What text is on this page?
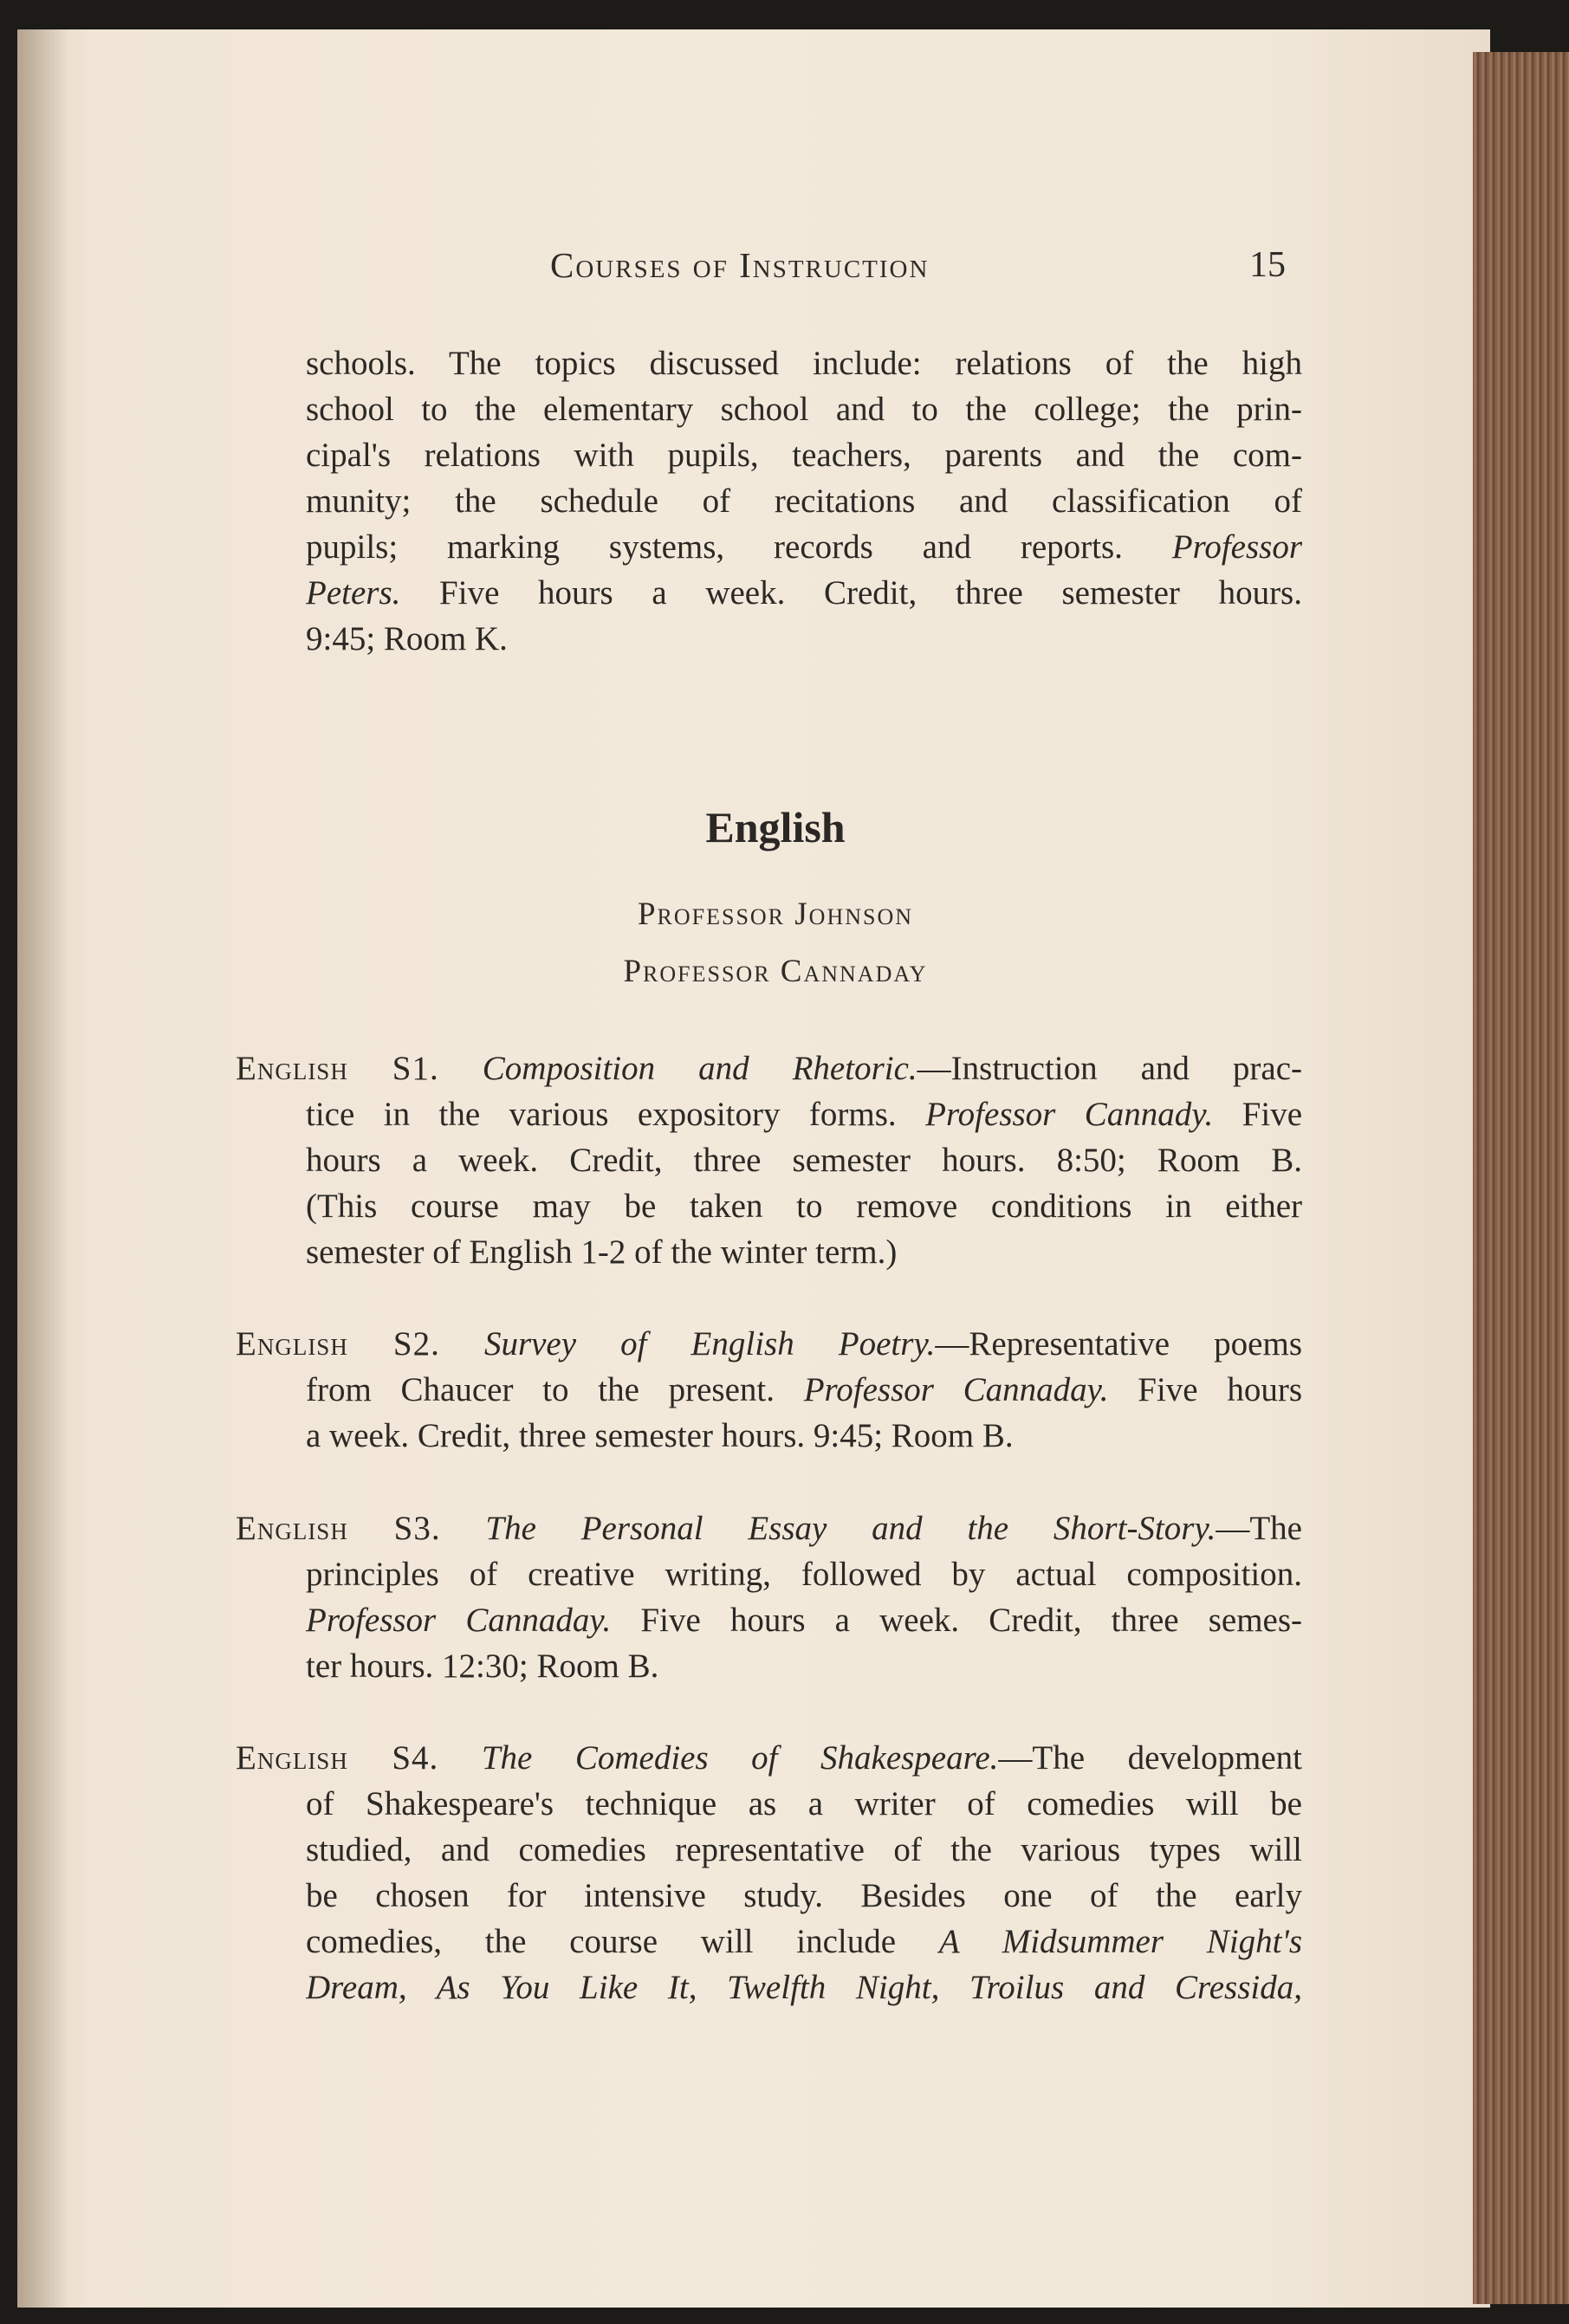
Courses of Instruction	15
schools. The topics discussed include: relations of the high
school to the elementary school and to the college; the prin-
cipal's relations with pupils, teachers, parents and the com-
munity; the schedule of recitations and classification of
pupils; marking systems, records and reports. Professor
Peters. Five hours a week. Credit, three semester hours.
9:45; Room K.
English
Professor Johnson
Professor Cannaday
English S1. Composition and Rhetoric.—Instruction and prac-
tice in the various expository forms. Professor Cannady. Five
hours a week. Credit, three semester hours. 8:50; Room B.
(This course may be taken to remove conditions in either
semester of English 1-2 of the winter term.)
English S2. Survey of English Poetry.—Representative poems
from Chaucer to the present. Professor Cannaday. Five hours
a week. Credit, three semester hours. 9:45; Room B.
English S3. The Personal Essay and the Short-Story.—The
principles of creative writing, followed by actual composition.
Professor Cannaday. Five hours a week. Credit, three semes-
ter hours. 12:30; Room B.
English S4. The Comedies of Shakespeare.—The development
of Shakespeare's technique as a writer of comedies will be
studied, and comedies representative of the various types will
be chosen for intensive study. Besides one of the early
comedies, the course will include A Midsummer Night's
Dream, As You Like It, Twelfth Night, Troilus and Cressida,
